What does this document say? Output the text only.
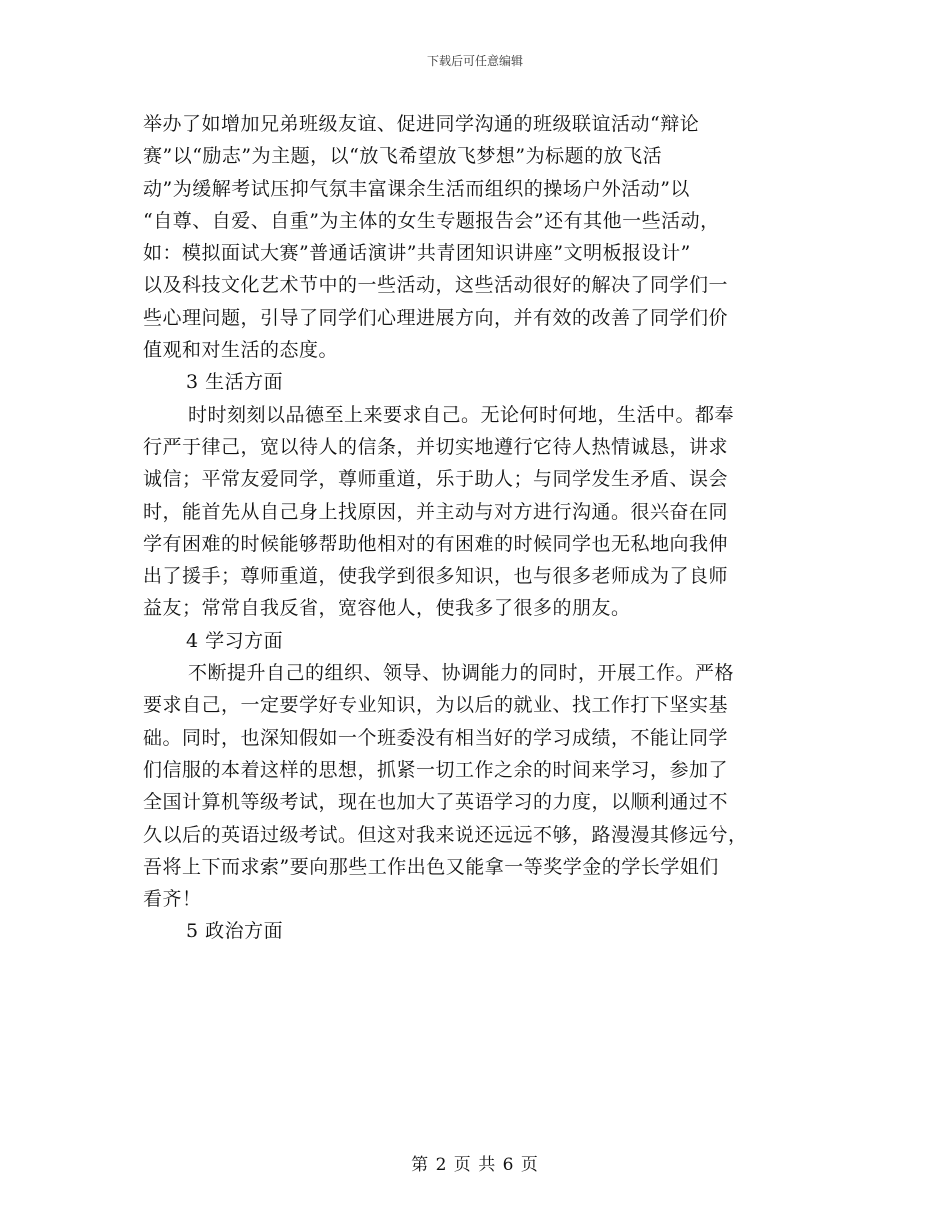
下载后可任意编辑
举办了如增加兄弟班级友谊、促进同学沟通的班级联谊活动“辩论
赛”以“励志”为主题，以“放飞希望放飞梦想”为标题的放飞活
动”为缓解考试压抑气氛丰富课余生活而组织的操场户外活动”以
“自尊、自爱、自重”为主体的女生专题报告会”还有其他一些活动，
如：模拟面试大赛”普通话演讲”共青团知识讲座”文明板报设计”
以及科技文化艺术节中的一些活动，这些活动很好的解决了同学们一
些心理问题，引导了同学们心理进展方向，并有效的改善了同学们价
值观和对生活的态度。
3 生活方面
时时刻刻以品德至上来要求自己。无论何时何地，生活中。都奉
行严于律己，宽以待人的信条，并切实地遵行它待人热情诚恳，讲求
诚信；平常友爱同学，尊师重道，乐于助人；与同学发生矛盾、误会
时，能首先从自己身上找原因，并主动与对方进行沟通。很兴奋在同
学有困难的时候能够帮助他相对的有困难的时候同学也无私地向我伸
出了援手；尊师重道，使我学到很多知识，也与很多老师成为了良师
益友；常常自我反省，宽容他人，使我多了很多的朋友。
4 学习方面
不断提升自己的组织、领导、协调能力的同时，开展工作。严格
要求自己，一定要学好专业知识，为以后的就业、找工作打下坚实基
础。同时，也深知假如一个班委没有相当好的学习成绩，不能让同学
们信服的本着这样的思想，抓紧一切工作之余的时间来学习，参加了
全国计算机等级考试，现在也加大了英语学习的力度，以顺利通过不
久以后的英语过级考试。但这对我来说还远远不够，路漫漫其修远兮，
吾将上下而求索”要向那些工作出色又能拿一等奖学金的学长学姐们
看齐！
5 政治方面
第 2 页 共 6 页
